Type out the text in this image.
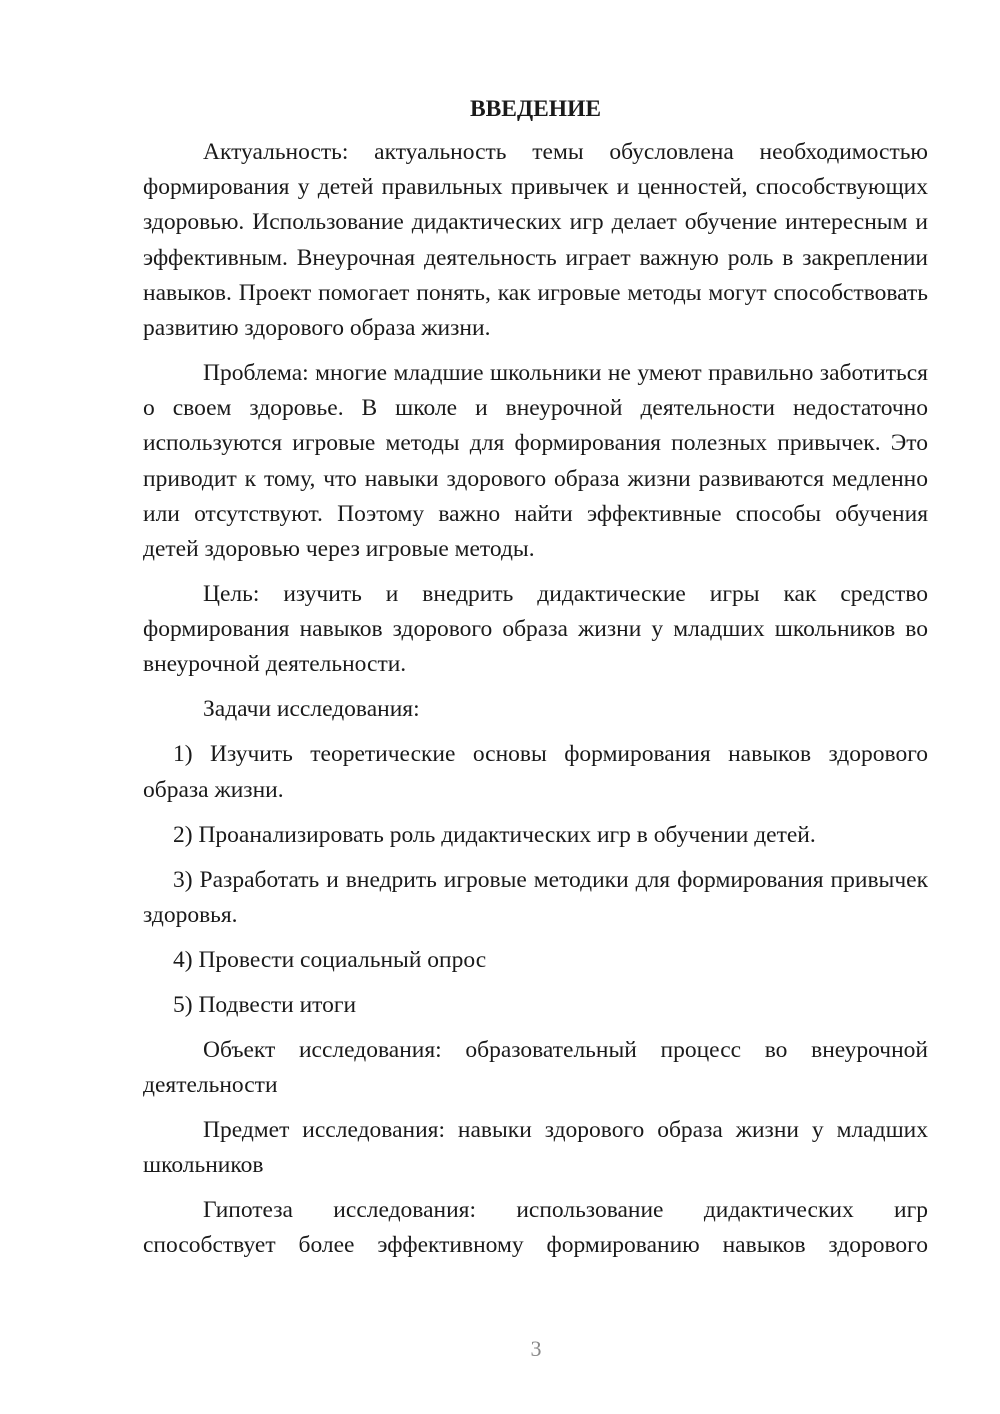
ВВЕДЕНИЕ

Актуальность: актуальность темы обусловлена необходимостью формирования у детей правильных привычек и ценностей, способствующих здоровью. Использование дидактических игр делает обучение интересным и эффективным. Внеурочная деятельность играет важную роль в закреплении навыков. Проект помогает понять, как игровые методы могут способствовать развитию здорового образа жизни.

Проблема: многие младшие школьники не умеют правильно заботиться о своем здоровье. В школе и внеурочной деятельности недостаточно используются игровые методы для формирования полезных привычек. Это приводит к тому, что навыки здорового образа жизни развиваются медленно или отсутствуют. Поэтому важно найти эффективные способы обучения детей здоровью через игровые методы.

Цель: изучить и внедрить дидактические игры как средство формирования навыков здорового образа жизни у младших школьников во внеурочной деятельности.

Задачи исследования:

1) Изучить теоретические основы формирования навыков здорового образа жизни.

2) Проанализировать роль дидактических игр в обучении детей.

3) Разработать и внедрить игровые методики для формирования привычек здоровья.

4) Провести социальный опрос

5) Подвести итоги

Объект исследования: образовательный процесс во внеурочной деятельности

Предмет исследования: навыки здорового образа жизни у младших школьников

Гипотеза исследования: использование дидактических игр способствует более эффективному формированию навыков здорового

3
